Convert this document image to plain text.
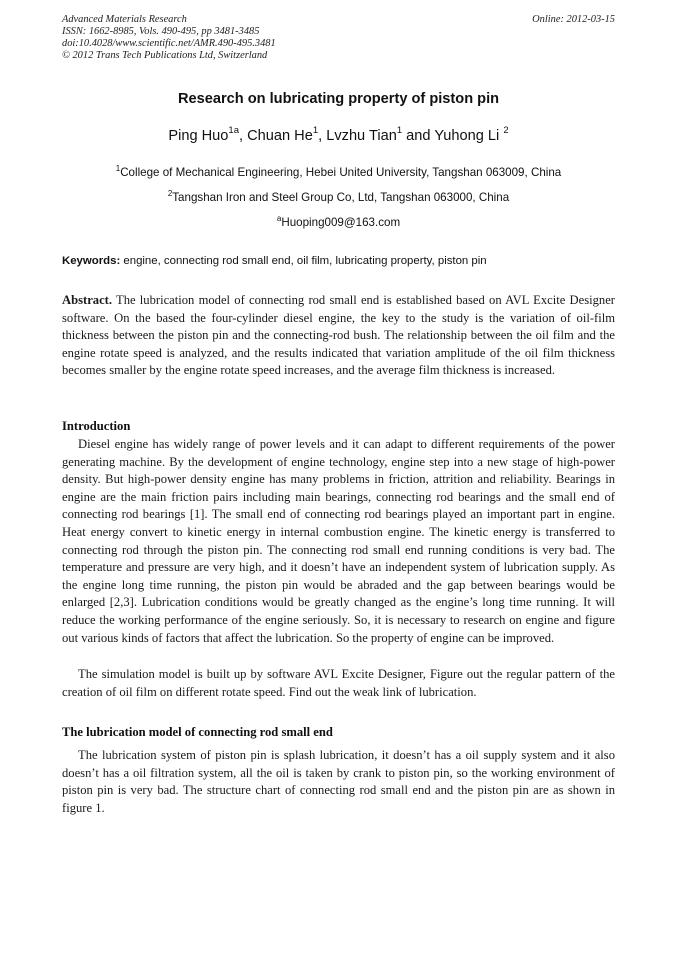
Advanced Materials Research
ISSN: 1662-8985, Vols. 490-495, pp 3481-3485
doi:10.4028/www.scientific.net/AMR.490-495.3481
© 2012 Trans Tech Publications Ltd, Switzerland
Online: 2012-03-15
Research on lubricating property of piston pin
Ping Huo$^{1a}$, Chuan He$^1$, Lvzhu Tian$^1$ and Yuhong Li $^2$
$^1$College of Mechanical Engineering, Hebei United University, Tangshan 063009, China
$^2$Tangshan Iron and Steel Group Co, Ltd, Tangshan 063000, China
$^a$Huoping009@163.com
Keywords: engine, connecting rod small end, oil film, lubricating property, piston pin
Abstract. The lubrication model of connecting rod small end is established based on AVL Excite Designer software. On the based the four-cylinder diesel engine, the key to the study is the variation of oil-film thickness between the piston pin and the connecting-rod bush. The relationship between the oil film and the engine rotate speed is analyzed, and the results indicated that variation amplitude of the oil film thickness becomes smaller by the engine rotate speed increases, and the average film thickness is increased.
Introduction
Diesel engine has widely range of power levels and it can adapt to different requirements of the power generating machine. By the development of engine technology, engine step into a new stage of high-power density. But high-power density engine has many problems in friction, attrition and reliability. Bearings in engine are the main friction pairs including main bearings, connecting rod bearings and the small end of connecting rod bearings [1]. The small end of connecting rod bearings played an important part in engine. Heat energy convert to kinetic energy in internal combustion engine. The kinetic energy is transferred to connecting rod through the piston pin. The connecting rod small end running conditions is very bad. The temperature and pressure are very high, and it doesn’t have an independent system of lubrication supply. As the engine long time running, the piston pin would be abraded and the gap between bearings would be enlarged [2,3]. Lubrication conditions would be greatly changed as the engine’s long time running. It will reduce the working performance of the engine seriously. So, it is necessary to research on engine and figure out various kinds of factors that affect the lubrication. So the property of engine can be improved.
The simulation model is built up by software AVL Excite Designer, Figure out the regular pattern of the creation of oil film on different rotate speed. Find out the weak link of lubrication.
The lubrication model of connecting rod small end
The lubrication system of piston pin is splash lubrication, it doesn’t has a oil supply system and it also doesn’t has a oil filtration system, all the oil is taken by crank to piston pin, so the working environment of piston pin is very bad. The structure chart of connecting rod small end and the piston pin are as shown in figure 1.
